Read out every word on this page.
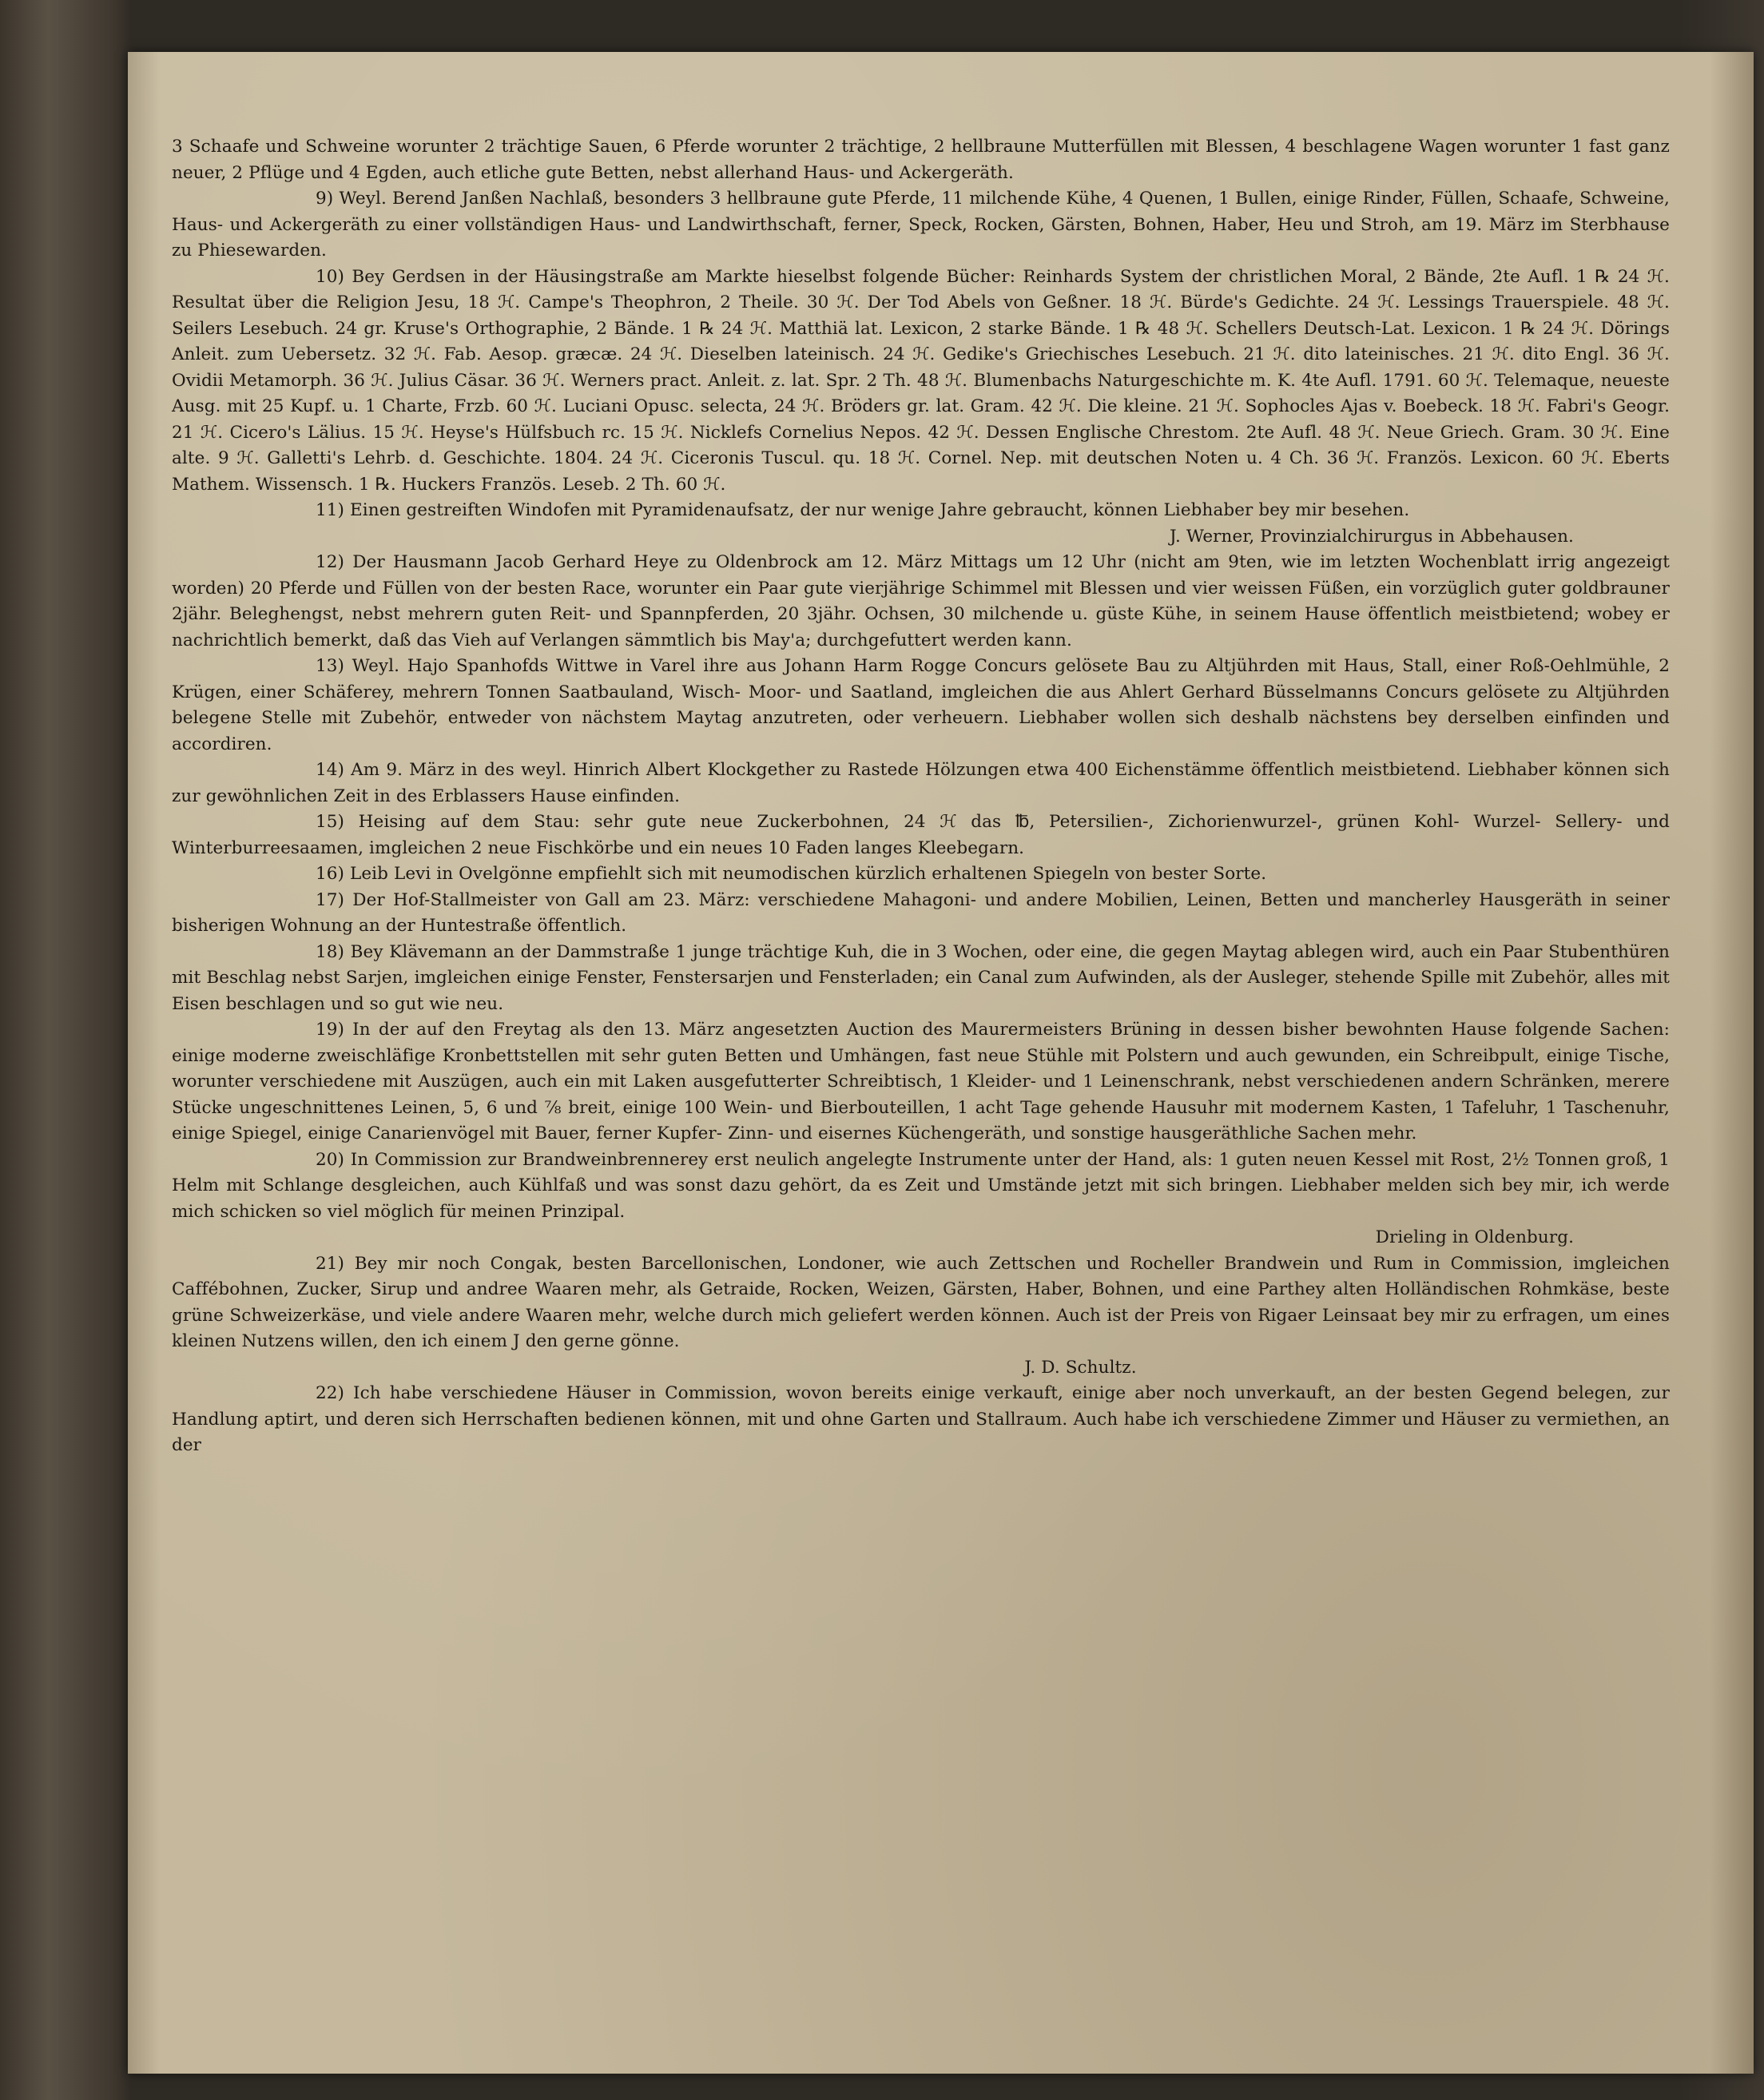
3 Schaafe und Schweine worunter 2 trächtige Sauen, 6 Pferde worunter 2 trächtige, 2 hellbraune Mutterfüllen mit Blessen, 4 beschlagene Wagen worunter 1 fast ganz neuer, 2 Pflüge und 4 Egden, auch etliche gute Betten, nebst allerhand Haus- und Ackergeräth.

9) Weyl. Berend Janßen Nachlaß, besonders 3 hellbraune gute Pferde, 11 milchende Kühe, 4 Quenen, 1 Bullen, einige Rinder, Füllen, Schaafe, Schweine, Haus- und Ackergeräth zu einer vollständigen Haus- und Landwirthschaft, ferner, Speck, Rocken, Gärsten, Bohnen, Haber, Heu und Stroh, am 19. März im Sterbhause zu Phiesewarden.

10) Bey Gerdsen in der Häusingstraße am Markte hieselbst folgende Bücher: Reinhards System der christlichen Moral, 2 Bände, 2te Aufl. 1 ℞ 24 ℋ. Resultat über die Religion Jesu, 18 ℋ. Campe's Theophron, 2 Theile. 30 ℋ. Der Tod Abels von Geßner. 18 ℋ. Bürde's Gedichte. 24 ℋ. Lessings Trauerspiele. 48 ℋ. Seilers Lesebuch. 24 gr. Kruse's Orthographie, 2 Bände. 1 ℞ 24 ℋ. Matthiä lat. Lexicon, 2 starke Bände. 1 ℞ 48 ℋ. Schellers Deutsch-Lat. Lexicon. 1 ℞ 24 ℋ. Dörings Anleit. zum Uebersetz. 32 ℋ. Fab. Aesop. græcæ. 24 ℋ. Dieselben lateinisch. 24 ℋ. Gedike's Griechisches Lesebuch. 21 ℋ. dito lateinisches. 21 ℋ. dito Engl. 36 ℋ. Ovidii Metamorph. 36 ℋ. Julius Cäsar. 36 ℋ. Werners pract. Anleit. z. lat. Spr. 2 Th. 48 ℋ. Blumenbachs Naturgeschichte m. K. 4te Aufl. 1791. 60 ℋ. Telemaque, neueste Ausg. mit 25 Kupf. u. 1 Charte, Frzb. 60 ℋ. Luciani Opusc. selecta, 24 ℋ. Bröders gr. lat. Gram. 42 ℋ. Die kleine. 21 ℋ. Sophocles Ajas v. Boebeck. 18 ℋ. Fabri's Geogr. 21 ℋ. Cicero's Lälius. 15 ℋ. Heyse's Hülfsbuch rc. 15 ℋ. Nicklefs Cornelius Nepos. 42 ℋ. Dessen Englische Chrestom. 2te Aufl. 48 ℋ. Neue Griech. Gram. 30 ℋ. Eine alte. 9 ℋ. Galletti's Lehrb. d. Geschichte. 1804. 24 ℋ. Ciceronis Tuscul. qu. 18 ℋ. Cornel. Nep. mit deutschen Noten u. 4 Ch. 36 ℋ. Französ. Lexicon. 60 ℋ. Eberts Mathem. Wissensch. 1 ℞. Huckers Französ. Leseb. 2 Th. 60 ℋ.

11) Einen gestreiften Windofen mit Pyramidenaufsatz, der nur wenige Jahre gebraucht, können Liebhaber bey mir besehen.

J. Werner, Provinzialchirurgus in Abbehausen.

12) Der Hausmann Jacob Gerhard Heye zu Oldenbrock am 12. März Mittags um 12 Uhr (nicht am 9ten, wie im letzten Wochenblatt irrig angezeigt worden) 20 Pferde und Füllen von der besten Race, worunter ein Paar gute vierjährige Schimmel mit Blessen und vier weissen Füßen, ein vorzüglich guter goldbrauner 2jähr. Beleghengst, nebst mehrern guten Reit- und Spannpferden, 20 3jähr. Ochsen, 30 milchende u. güste Kühe, in seinem Hause öffentlich meistbietend; wobey er nachrichtlich bemerkt, daß das Vieh auf Verlangen sämmtlich bis May'a; durchgefuttert werden kann.

13) Weyl. Hajo Spanhofds Wittwe in Varel ihre aus Johann Harm Rogge Concurs gelösete Bau zu Altjührden mit Haus, Stall, einer Roß-Oehlmühle, 2 Krügen, einer Schäferey, mehrern Tonnen Saatbauland, Wisch- Moor- und Saatland, imgleichen die aus Ahlert Gerhard Büsselmanns Concurs gelösete zu Altjührden belegene Stelle mit Zubehör, entweder von nächstem Maytag anzutreten, oder verheuern. Liebhaber wollen sich deshalb nächstens bey derselben einfinden und accordiren.

14) Am 9. März in des weyl. Hinrich Albert Klockgether zu Rastede Hölzungen etwa 400 Eichenstämme öffentlich meistbietend. Liebhaber können sich zur gewöhnlichen Zeit in des Erblassers Hause einfinden.

15) Heising auf dem Stau: sehr gute neue Zuckerbohnen, 24 ℋ das ℔, Petersilien-, Zichorienwurzel-, grünen Kohl- Wurzel- Sellery- und Winterburreesaamen, imgleichen 2 neue Fischkörbe und ein neues 10 Faden langes Kleebegarn.

16) Leib Levi in Ovelgönne empfiehlt sich mit neumodischen kürzlich erhaltenen Spiegeln von bester Sorte.

17) Der Hof-Stallmeister von Gall am 23. März: verschiedene Mahagoni- und andere Mobilien, Leinen, Betten und mancherley Hausgeräth in seiner bisherigen Wohnung an der Huntestraße öffentlich.

18) Bey Klävemann an der Dammstraße 1 junge trächtige Kuh, die in 3 Wochen, oder eine, die gegen Maytag ablegen wird, auch ein Paar Stubenthüren mit Beschlag nebst Sarjen, imgleichen einige Fenster, Fenstersarjen und Fensterladen; ein Canal zum Aufwinden, als der Ausleger, stehende Spille mit Zubehör, alles mit Eisen beschlagen und so gut wie neu.

19) In der auf den Freytag als den 13. März angesetzten Auction des Maurermeisters Brüning in dessen bisher bewohnten Hause folgende Sachen: einige moderne zweischläfige Kronbettstellen mit sehr guten Betten und Umhängen, fast neue Stühle mit Polstern und auch gewunden, ein Schreibpult, einige Tische, worunter verschiedene mit Auszügen, auch ein mit Laken ausgefutterter Schreibtisch, 1 Kleider- und 1 Leinenschrank, nebst verschiedenen andern Schränken, merere Stücke ungeschnittenes Leinen, 5, 6 und ⅞ breit, einige 100 Wein- und Bierbouteillen, 1 acht Tage gehende Hausuhr mit modernem Kasten, 1 Tafeluhr, 1 Taschenuhr, einige Spiegel, einige Canarienvögel mit Bauer, ferner Kupfer- Zinn- und eisernes Küchengeräth, und sonstige hausgeräthliche Sachen mehr.

20) In Commission zur Brandweinbrennerey erst neulich angelegte Instrumente unter der Hand, als: 1 guten neuen Kessel mit Rost, 2½ Tonnen groß, 1 Helm mit Schlange desgleichen, auch Kühlfaß und was sonst dazu gehört, da es Zeit und Umstände jetzt mit sich bringen. Liebhaber melden sich bey mir, ich werde mich schicken so viel möglich für meinen Prinzipal.

Drieling in Oldenburg.

21) Bey mir noch Congak, besten Barcellonischen, Londoner, wie auch Zettschen und Rocheller Brandwein und Rum in Commission, imgleichen Caffébohnen, Zucker, Sirup und andree Waaren mehr, als Getraide, Rocken, Weizen, Gärsten, Haber, Bohnen, und eine Parthey alten Holländischen Rohmkäse, beste grüne Schweizerkäse, und viele andere Waaren mehr, welche durch mich geliefert werden können. Auch ist der Preis von Rigaer Leinsaat bey mir zu erfragen, um eines kleinen Nutzens willen, den ich einem J den gerne gönne.

J. D. Schultz.

22) Ich habe verschiedene Häuser in Commission, wovon bereits einige verkauft, einige aber noch unverkauft, an der besten Gegend belegen, zur Handlung aptirt, und deren sich Herrschaften bedienen können, mit und ohne Garten und Stallraum. Auch habe ich verschiedene Zimmer und Häuser zu vermiethen, an der
